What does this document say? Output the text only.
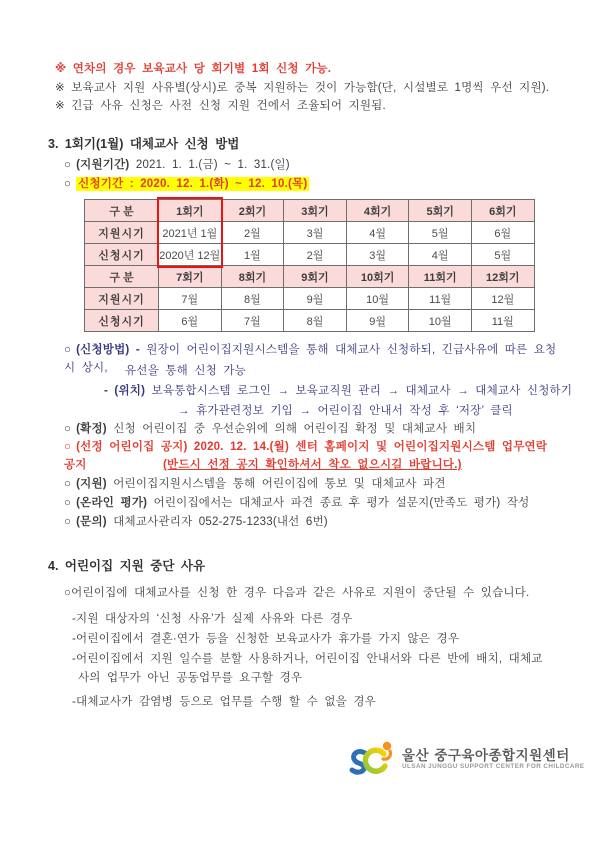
※ 연차의 경우 보육교사 당 회기별 1회 신청 가능.

※ 보육교사 지원 사유별(상시)로 중복 지원하는 것이 가능함(단, 시설별로 1명씩 우선 지원).

※ 긴급 사유 신청은 사전 신청 지원 건에서 조율되어 지원됨.

3. 1회기(1월) 대체교사 신청 방법

○ (지원기간) 2021. 1. 1.(금) ~ 1. 31.(일)

○ 신청기간 : 2020. 12. 1.(화) ~ 12. 10.(목)

구 분	1회기	2회기	3회기	4회기	5회기	6회기
지원시기	2021년 1월	2월	3월	4월	5월	6월
신청시기	2020년 12월	1월	2월	3월	4월	5월
구 분	7회기	8회기	9회기	10회기	11회기	12회기
지원시기	7월	8월	9월	10월	11월	12월
신청시기	6월	7월	8월	9월	10월	11월

○ (신청방법) - 원장이 어린이집지원시스템을 통해 대체교사 신청하되, 긴급사유에 따른 요청 시 상시,	유선을 통해 신청 가능

- (위치) 보육통합시스템 로그인 → 보육교직원 관리 → 대체교사 → 대체교사 신청하기

→ 휴가관련정보 기입 → 어린이집 안내서 작성 후 ‘저장’ 클릭

○ (확정) 신청 어린이집 중 우선순위에 의해 어린이집 확정 및 대체교사 배치

○ (선정 어린이집 공지) 2020. 12. 14.(월) 센터 홈페이지 및 어린이집지원시스템 업무연락 공지	(반드시 선정 공지 확인하셔서 착오 없으시길 바랍니다.)

○ (지원) 어린이집지원시스템을 통해 어린이집에 통보 및 대체교사 파견

○ (온라인 평가) 어린이집에서는 대체교사 파견 종료 후 평가 설문지(만족도 평가) 작성

○ (문의) 대체교사관리자 052-275-1233(내선 6번)

4. 어린이집 지원 중단 사유

○어린이집에 대체교사를 신청 한 경우 다음과 같은 사유로 지원이 중단될 수 있습니다.

-지원 대상자의 ‘신청 사유’가 실제 사유와 다른 경우

-어린이집에서 결혼·연가 등을 신청한 보육교사가 휴가를 가지 않은 경우

-어린이집에서 지원 일수를 분할 사용하거나, 어린이집 안내서와 다른 반에 배치, 대체교사의 업무가 아닌 공동업무를 요구할 경우

-대체교사가 감염병 등으로 업무를 수행 할 수 없을 경우

울산 중구육아종합지원센터
ULSAN JUNGGU SUPPORT CENTER FOR CHILDCARE
